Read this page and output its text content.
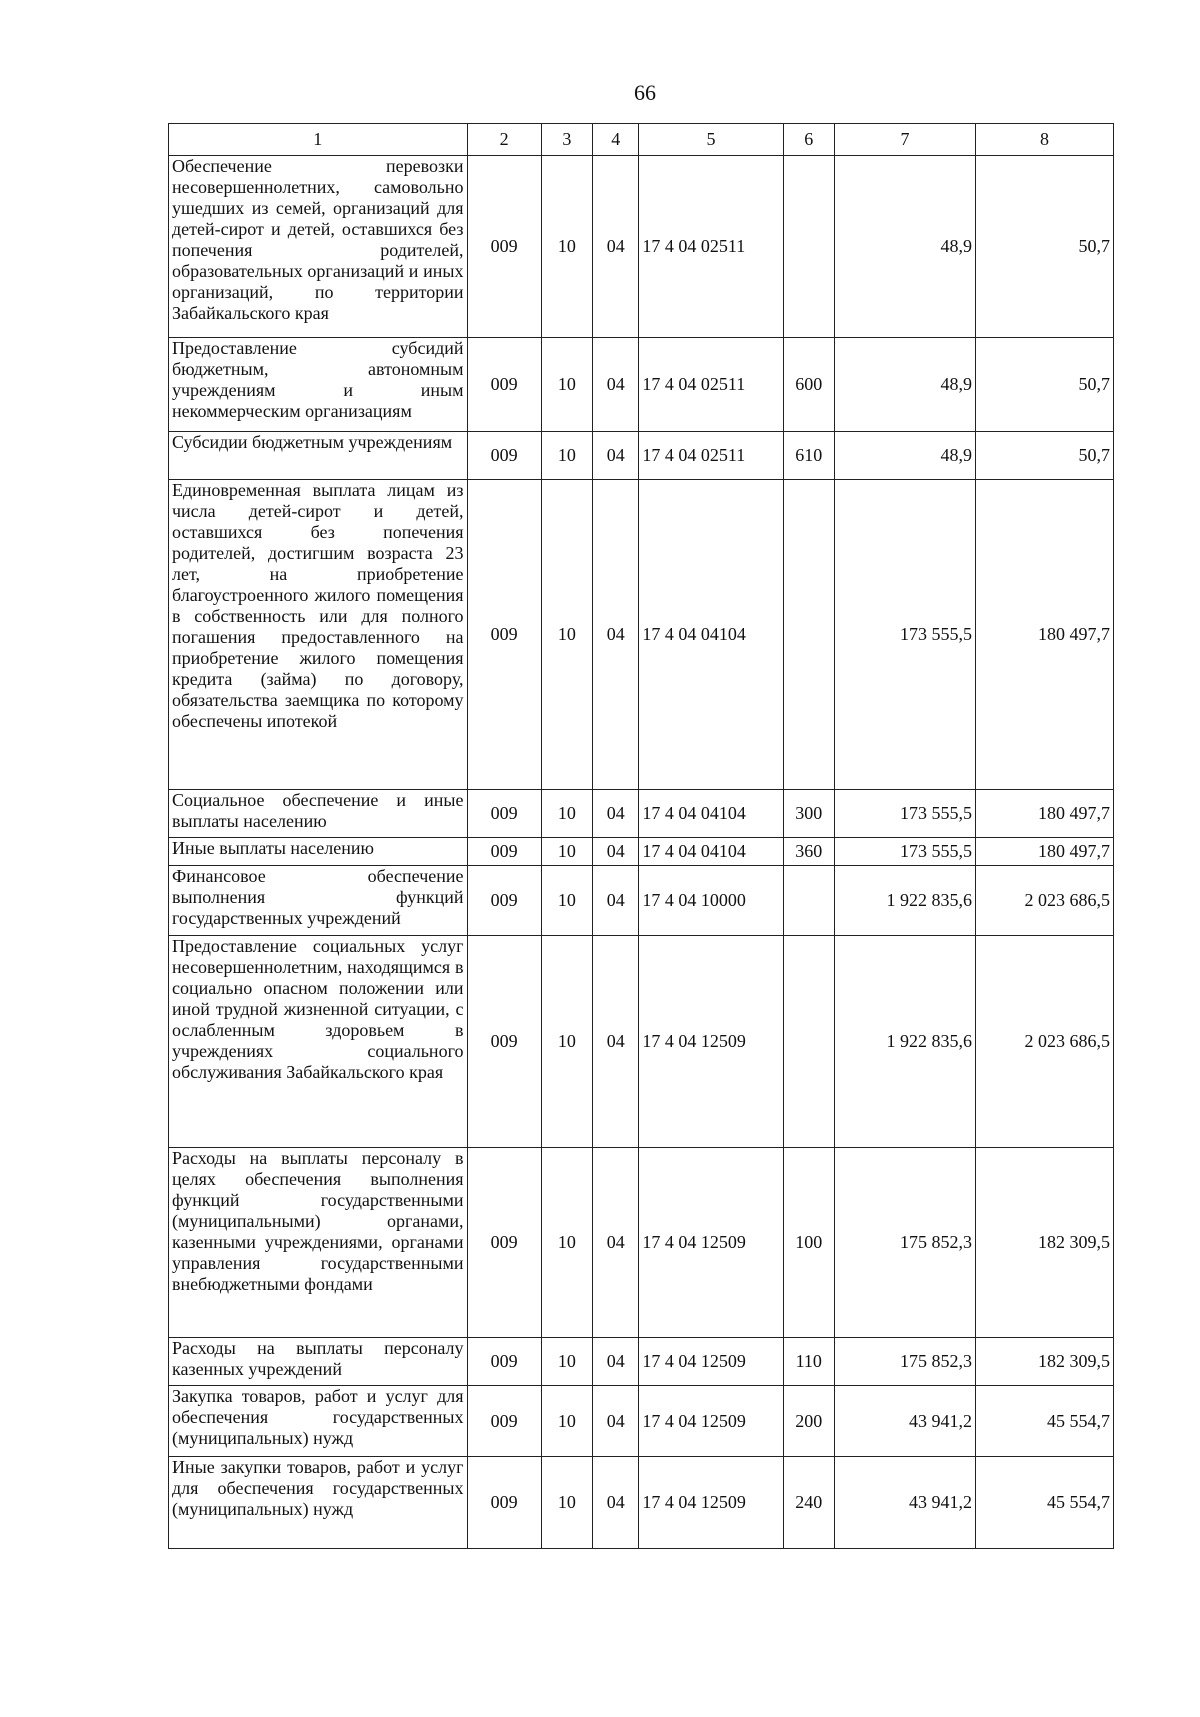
66
1	2	3	4	5	6	7	8
Обеспечение перевозки несовершеннолетних, самовольно ушедших из семей, организаций для детей-сирот и детей, оставшихся без попечения родителей, образовательных организаций и иных организаций, по территории Забайкальского края	009	10	04	17 4 04 02511		48,9	50,7
Предоставление субсидий бюджетным, автономным учреждениям и иным некоммерческим организациям	009	10	04	17 4 04 02511	600	48,9	50,7
Субсидии бюджетным учреждениям	009	10	04	17 4 04 02511	610	48,9	50,7
Единовременная выплата лицам из числа детей-сирот и детей, оставшихся без попечения родителей, достигшим возраста 23 лет, на приобретение благоустроенного жилого помещения в собственность или для полного погашения предоставленного на приобретение жилого помещения кредита (займа) по договору, обязательства заемщика по которому обеспечены ипотекой	009	10	04	17 4 04 04104		173 555,5	180 497,7
Социальное обеспечение и иные выплаты населению	009	10	04	17 4 04 04104	300	173 555,5	180 497,7
Иные выплаты населению	009	10	04	17 4 04 04104	360	173 555,5	180 497,7
Финансовое обеспечение выполнения функций государственных учреждений	009	10	04	17 4 04 10000		1 922 835,6	2 023 686,5
Предоставление социальных услуг несовершеннолетним, находящимся в социально опасном положении или иной трудной жизненной ситуации, с ослабленным здоровьем в учреждениях социального обслуживания Забайкальского края	009	10	04	17 4 04 12509		1 922 835,6	2 023 686,5
Расходы на выплаты персоналу в целях обеспечения выполнения функций государственными (муниципальными) органами, казенными учреждениями, органами управления государственными внебюджетными фондами	009	10	04	17 4 04 12509	100	175 852,3	182 309,5
Расходы на выплаты персоналу казенных учреждений	009	10	04	17 4 04 12509	110	175 852,3	182 309,5
Закупка товаров, работ и услуг для обеспечения государственных (муниципальных) нужд	009	10	04	17 4 04 12509	200	43 941,2	45 554,7
Иные закупки товаров, работ и услуг для обеспечения государственных (муниципальных) нужд	009	10	04	17 4 04 12509	240	43 941,2	45 554,7
